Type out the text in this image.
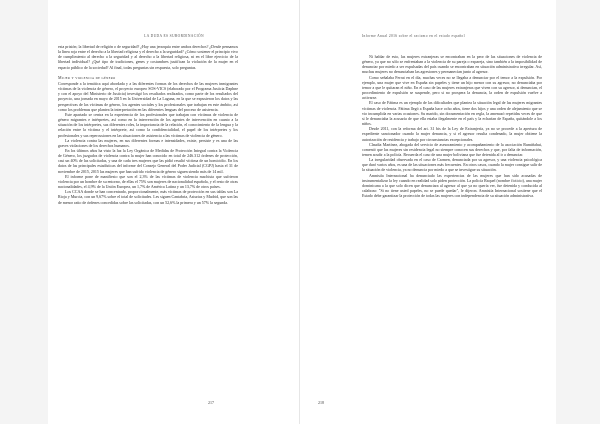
LA DUDA ES SUBORDINACIÓN

esta prisión; la libertad de religión o de seguridad? ¿Hay una jerarquía entre ambos derechos? ¿Desde pensamos la línea roja entre el derecho a la libertad religiosa y el derecho a la seguridad? ¿Cómo sostener el principio vivo de cumplimiento al derecho a la seguridad y al derecho a la libertad religiosa, ni en el libre ejercicio de la libertad individual? ¿Qué tipo de tradiciones, genes y costumbres justifican la violación de la mujer en el espacio público de la sociedad? Al final, todas preguntas sin respuesta, solo preguntas.

Mujer y violencia de género

Corresponde a la temática aquí abordada y a las diferentes formas de los derechos de las mujeres inmigrantes víctimas de la violencia de género, el proyecto europeo SOS-VICS (elaborado por el Programa Justicia Daphne y con el apoyo del Ministerio de Justicia) investigó los resultados realizados, como parte de los resultados del proyecto, una jornada en mayo de 2015 en la Universidad de La Laguna, en la que se expusieron los datos y las perspectivas de las víctimas de género, los agentes sociales y los profesionales que trabajan en este ámbito, así como los problemas que plantea la interpretación en las diferentes lenguas del proceso de asistencia.

Este apartado se centra en la experiencia de los profesionales que trabajan con víctimas de violencia de género migrantes e intérpretes, así como en la intervención de los agentes de intervención en cuanto a la situación de los intérpretes, sus diferentes roles, la importancia de la relación, el conocimiento de la lengua y la relación entre la víctima y el intérprete, así como la confidencialidad, el papel de los intérpretes y los profesionales y sus repercusiones en las situaciones de asistencia a las víctimas de violencia de género.

La violencia contra las mujeres, en sus diferentes formas e intensidades, existe, persiste y es una de las graves violaciones de los derechos humanos.

En los últimos años ha visto la luz la Ley Orgánica de Medidas de Protección Integral contra la Violencia de Género, los juzgados de violencia contra la mujer han conocido en total de 246.312 órdenes de protección, casi un 40% de las solicitadas, y una de cada tres mujeres que las pidió resultó víctima de un homicidio. En los datos de las principales estadísticas del informe del Consejo General del Poder Judicial (CGPJ) hasta el 31 de noviembre de 2015, 2015 las mujeres que han sufrido violencia de género siguen siendo más de 14 mil.

El informe pone de manifiesto que son el 2,3% de las víctimas de violencia machista que sufrieron violencia por un hombre de su entorno, de ellas el 75% son mujeres de nacionalidad española, y el resto de otras nacionalidades, el 4,9% de la Unión Europea, un 1,7% de América Latina y un 13,7% de otros países.

Los CCAA donde se han concentrado, proporcionalmente, más víctimas de protección en sus tablas son La Rioja y Murcia, con un 9,67% sobre el total de solicitudes. Les siguen Cantabria, Asturias y Madrid, que son las de menor ratio de órdenes concedidas sobre las solicitadas, con un 52,6% la primera y un 57% la segunda.

217
Informe Anual 2016 sobre el racismo en el estado español

Ni hablar de esto, las mujeres extranjeras se encontraban en la peor de las situaciones de violencia de género, ya que no sólo se enfrentaban a la violencia de su pareja o expareja, sino también a la imposibilidad de denunciar por miedo a ser expulsadas del país cuando se encontraban en situación administrativa irregular. Así, muchas mujeres no denunciaban las agresiones y permanecían junto al agresor.

Como señalaba Ferrat en el día, muchas veces no se llegaba a denunciar por el temor a la expulsión. Por ejemplo, una mujer que vive en España sin papeles y tiene un hijo menor con su agresor, no denunciaba por temor a que le quitaran el niño. En el caso de las mujeres extranjeras que viven con su agresor, si denuncian, el procedimiento de expulsión se suspende, pero si no prospera la denuncia, la orden de expulsión vuelve a activarse.

El caso de Fátima es un ejemplo de las dificultades que plantea la situación legal de las mujeres migrantes víctimas de violencia. Fátima llegó a España hace ocho años, tiene dos hijos y una orden de alejamiento que se vio incumplida en varias ocasiones. Su marido, sin documentación en regla, la amenazó repetidas veces de que si le denunciaba la acusaría de que ella estaba ilegalmente en el país y la echarían de España, quitándole a los niños.

Desde 2011, con la reforma del art. 31 bis de la Ley de Extranjería, ya no se procede a la apertura de expediente sancionador cuando la mujer denuncia, y si el agresor resulta condenado, la mujer obtiene la autorización de residencia y trabajo por circunstancias excepcionales.

Claudia Martínez, abogada del servicio de asesoramiento y acompañamiento de la asociación Rumiñahui, comentó que las mujeres sin residencia legal no siempre conocen sus derechos y que, por falta de información, temen acudir a la policía. Recuerda el caso de una mujer boliviana que fue detenida al ir a denunciar.

La irregularidad observada en el caso de Carmen, denunciada por su agresor, y una violencia psicológica que duró varios años, es una de las situaciones más frecuentes. En otros casos, cuando la mujer consigue salir de la situación de violencia, ya no denuncia por miedo a que se investigue su situación.

Amnistía Internacional ha denunciado las experiencias de las mujeres que han sido acusadas de instrumentalizar la ley cuando en realidad solo piden protección. La policía Raquel (nombre ficticio), una mujer dominicana a la que solo dicen que denunciara al agresor al que ya no quería ver, fue detenida y conducida al calabozo: "Si no tiene usted papeles, no se puede quedar", le dijeron. Amnistía Internacional sostiene que el Estado debe garantizar la protección de todas las mujeres con independencia de su situación administrativa.

218
